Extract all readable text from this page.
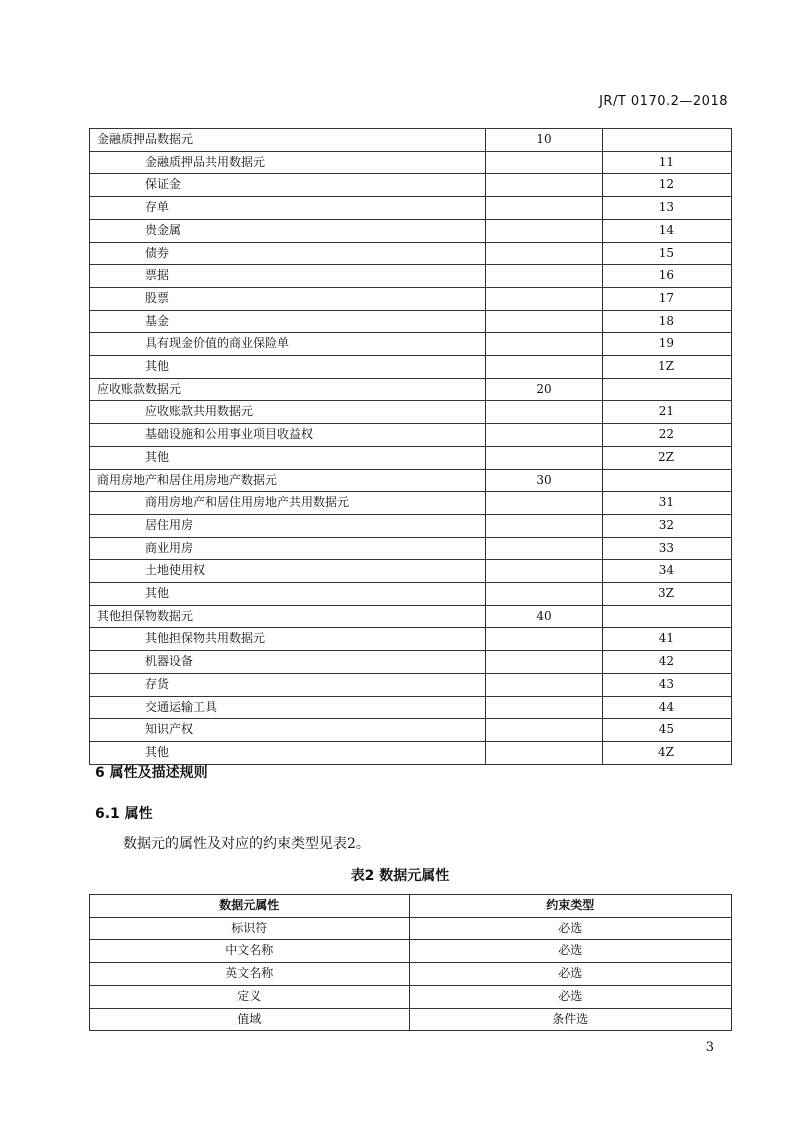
JR/T 0170.2—2018
金融质押品数据元	10	
金融质押品共用数据元		11
保证金		12
存单		13
贵金属		14
债券		15
票据		16
股票		17
基金		18
具有现金价值的商业保险单		19
其他		1Z
应收账款数据元	20	
应收账款共用数据元		21
基础设施和公用事业项目收益权		22
其他		2Z
商用房地产和居住用房地产数据元	30	
商用房地产和居住用房地产共用数据元		31
居住用房		32
商业用房		33
土地使用权		34
其他		3Z
其他担保物数据元	40	
其他担保物共用数据元		41
机器设备		42
存货		43
交通运输工具		44
知识产权		45
其他		4Z
6 属性及描述规则
6.1 属性
数据元的属性及对应的约束类型见表2。
表2 数据元属性
数据元属性	约束类型
标识符	必选
中文名称	必选
英文名称	必选
定义	必选
值域	条件选
3
